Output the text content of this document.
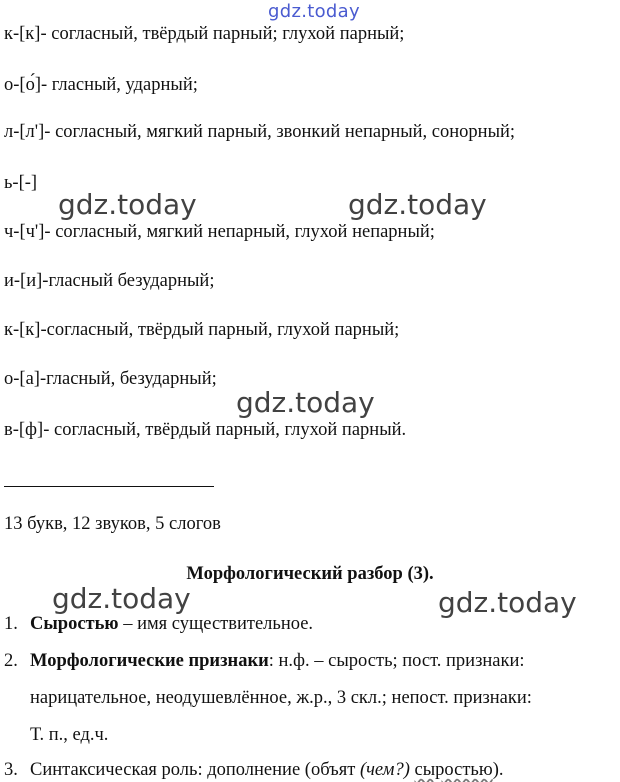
gdz.today
к-[к]- согласный, твёрдый парный; глухой парный;
о-[о́]- гласный, ударный;
л-[л']- согласный, мягкий парный, звонкий непарный, сонорный;
ь-[-]
ч-[ч']- согласный, мягкий непарный, глухой непарный;
и-[и]-гласный безударный;
к-[к]-согласный, твёрдый парный, глухой парный;
о-[а]-гласный, безударный;
в-[ф]- согласный, твёрдый парный, глухой парный.
gdz.today	gdz.today
gdz.today
gdz.today	gdz.today
13 букв, 12 звуков, 5 слогов
Морфологический разбор (3).
1. Сыростью – имя существительное.
2. Морфологические признаки: н.ф. – сырость; пост. признаки:
нарицательное, неодушевлённое, ж.р., 3 скл.; непост. признаки:
Т. п., ед.ч.
3. Синтаксическая роль: дополнение (объят (чем?) сыростью).
